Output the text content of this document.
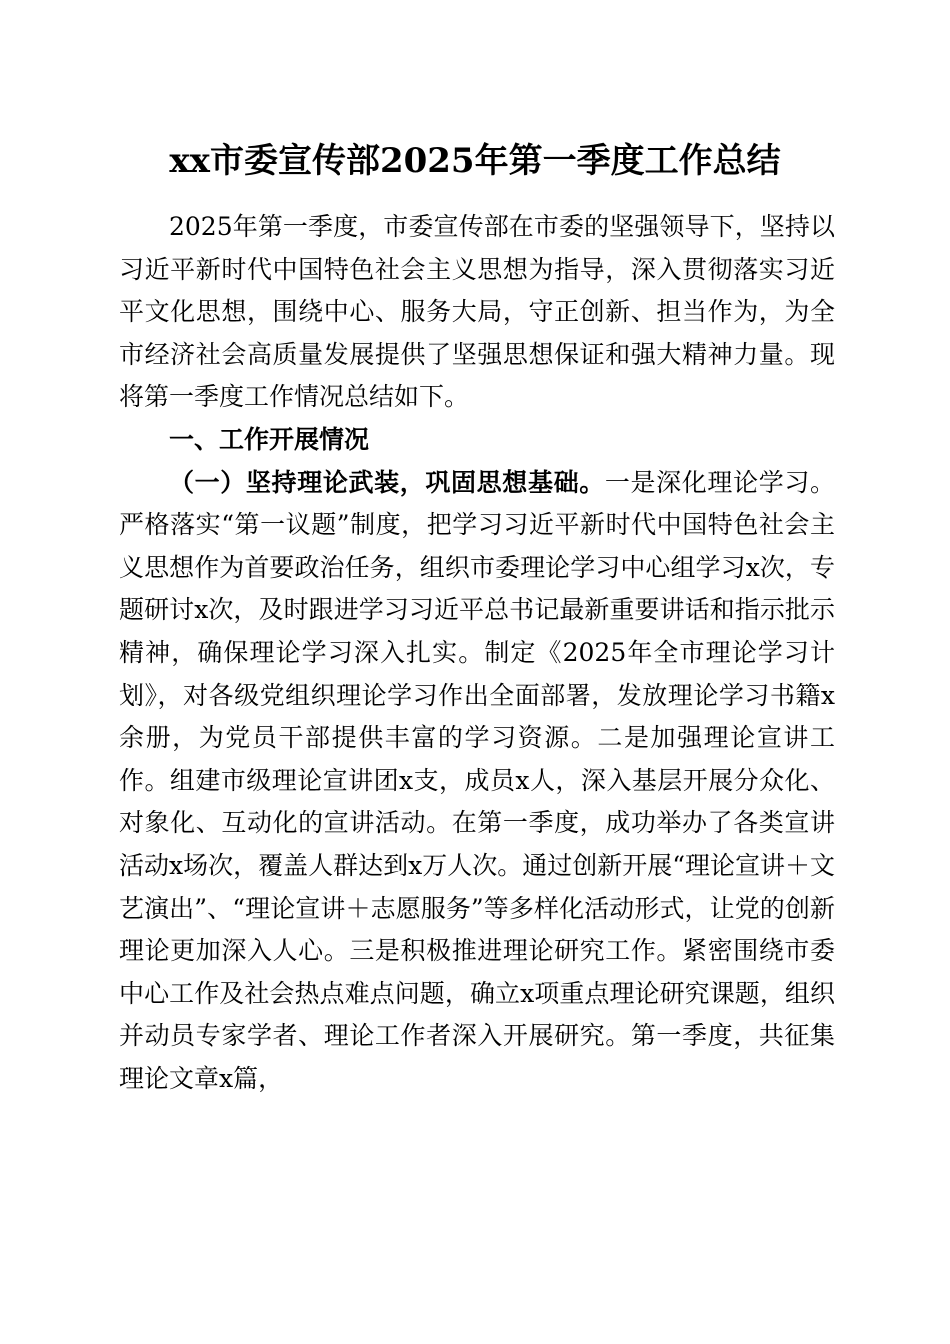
xx市委宣传部2025年第一季度工作总结

2025年第一季度，市委宣传部在市委的坚强领导下，坚持以习近平新时代中国特色社会主义思想为指导，深入贯彻落实习近平文化思想，围绕中心、服务大局，守正创新、担当作为，为全市经济社会高质量发展提供了坚强思想保证和强大精神力量。现将第一季度工作情况总结如下。

一、工作开展情况

（一）坚持理论武装，巩固思想基础。一是深化理论学习。严格落实“第一议题”制度，把学习习近平新时代中国特色社会主义思想作为首要政治任务，组织市委理论学习中心组学习x次，专题研讨x次，及时跟进学习习近平总书记最新重要讲话和指示批示精神，确保理论学习深入扎实。制定《2025年全市理论学习计划》，对各级党组织理论学习作出全面部署，发放理论学习书籍x余册，为党员干部提供丰富的学习资源。二是加强理论宣讲工作。组建市级理论宣讲团x支，成员x人，深入基层开展分众化、对象化、互动化的宣讲活动。在第一季度，成功举办了各类宣讲活动x场次，覆盖人群达到x万人次。通过创新开展“理论宣讲＋文艺演出”、“理论宣讲＋志愿服务”等多样化活动形式，让党的创新理论更加深入人心。三是积极推进理论研究工作。紧密围绕市委中心工作及社会热点难点问题，确立x项重点理论研究课题，组织并动员专家学者、理论工作者深入开展研究。第一季度，共征集理论文章x篇，
